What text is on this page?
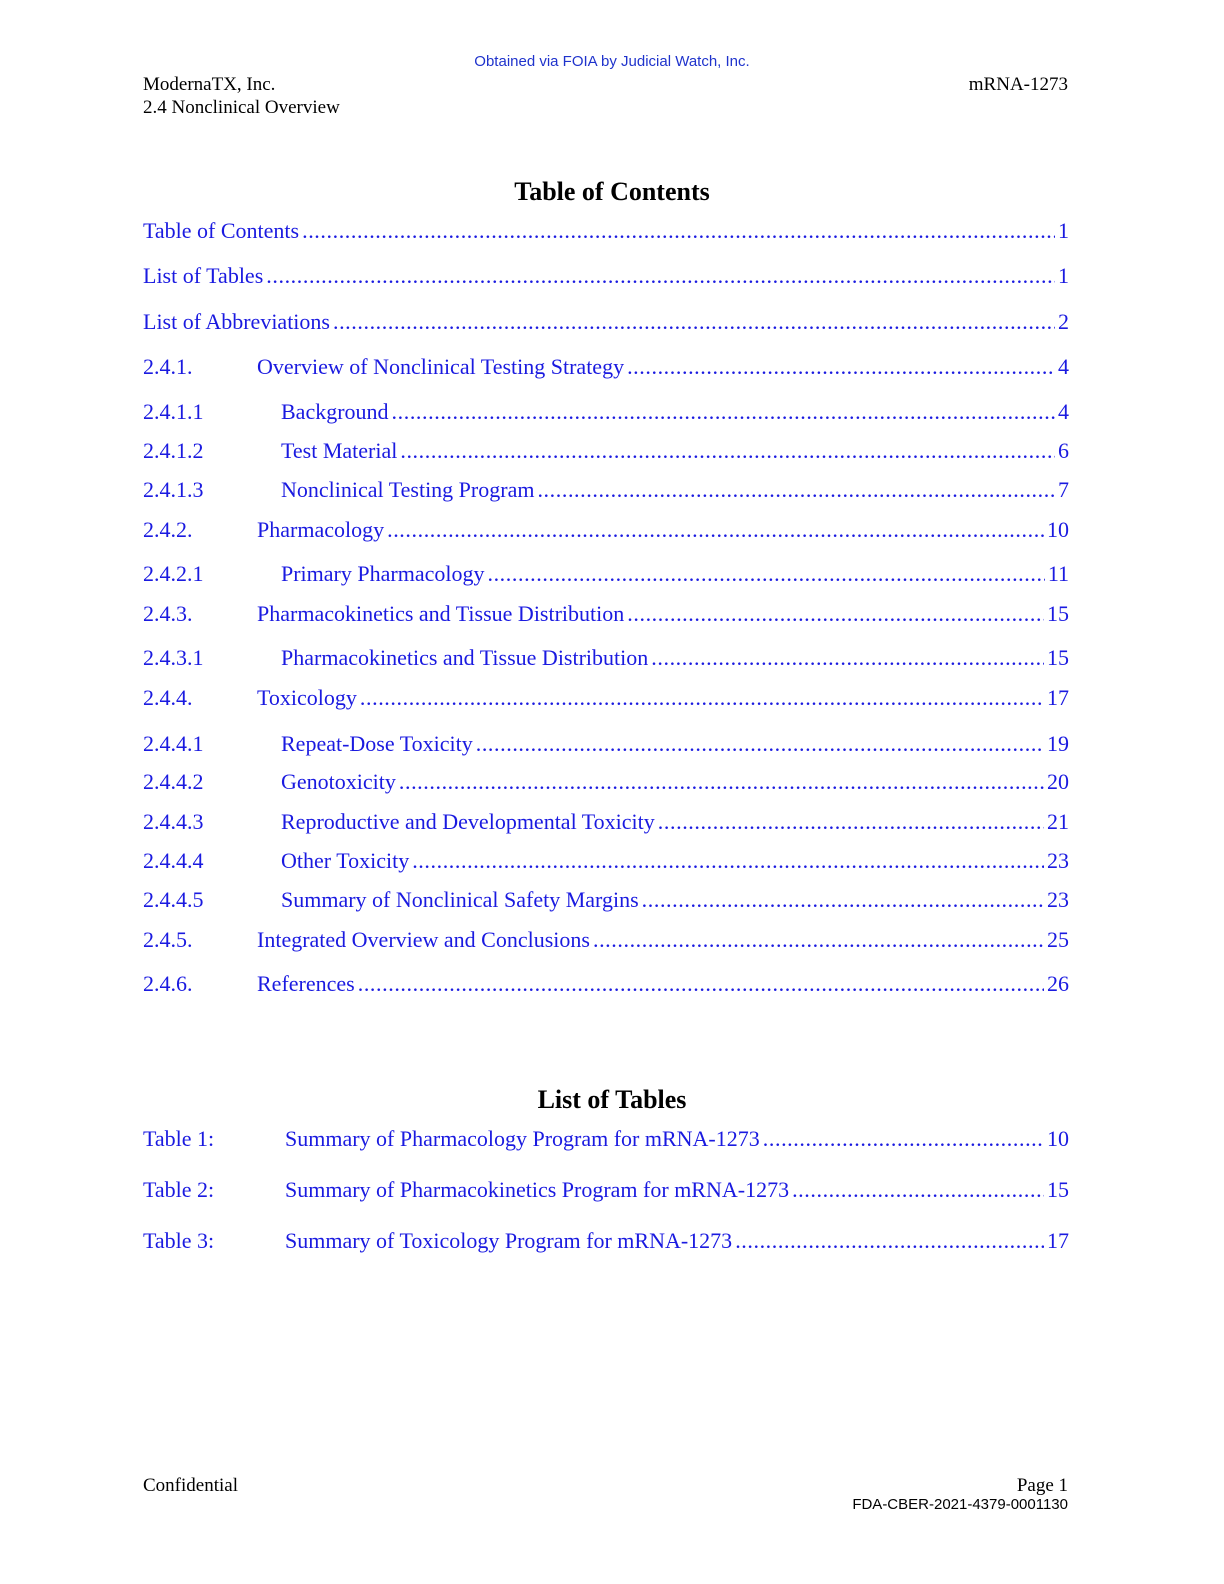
Obtained via FOIA by Judicial Watch, Inc.
ModernaTX, Inc.
2.4 Nonclinical Overview
mRNA-1273
Table of Contents
Table of Contents .....	1
List of Tables .....	1
List of Abbreviations .....	2
2.4.1.	Overview of Nonclinical Testing Strategy .....	4
2.4.1.1	Background .....	4
2.4.1.2	Test Material .....	6
2.4.1.3	Nonclinical Testing Program .....	7
2.4.2.	Pharmacology .....	10
2.4.2.1	Primary Pharmacology .....	11
2.4.3.	Pharmacokinetics and Tissue Distribution .....	15
2.4.3.1	Pharmacokinetics and Tissue Distribution .....	15
2.4.4.	Toxicology .....	17
2.4.4.1	Repeat-Dose Toxicity .....	19
2.4.4.2	Genotoxicity .....	20
2.4.4.3	Reproductive and Developmental Toxicity .....	21
2.4.4.4	Other Toxicity .....	23
2.4.4.5	Summary of Nonclinical Safety Margins .....	23
2.4.5.	Integrated Overview and Conclusions .....	25
2.4.6.	References .....	26
List of Tables
Table 1:	Summary of Pharmacology Program for mRNA-1273 .....	10
Table 2:	Summary of Pharmacokinetics Program for mRNA-1273 .....	15
Table 3:	Summary of Toxicology Program for mRNA-1273 .....	17
Confidential	Page 1
FDA-CBER-2021-4379-0001130
